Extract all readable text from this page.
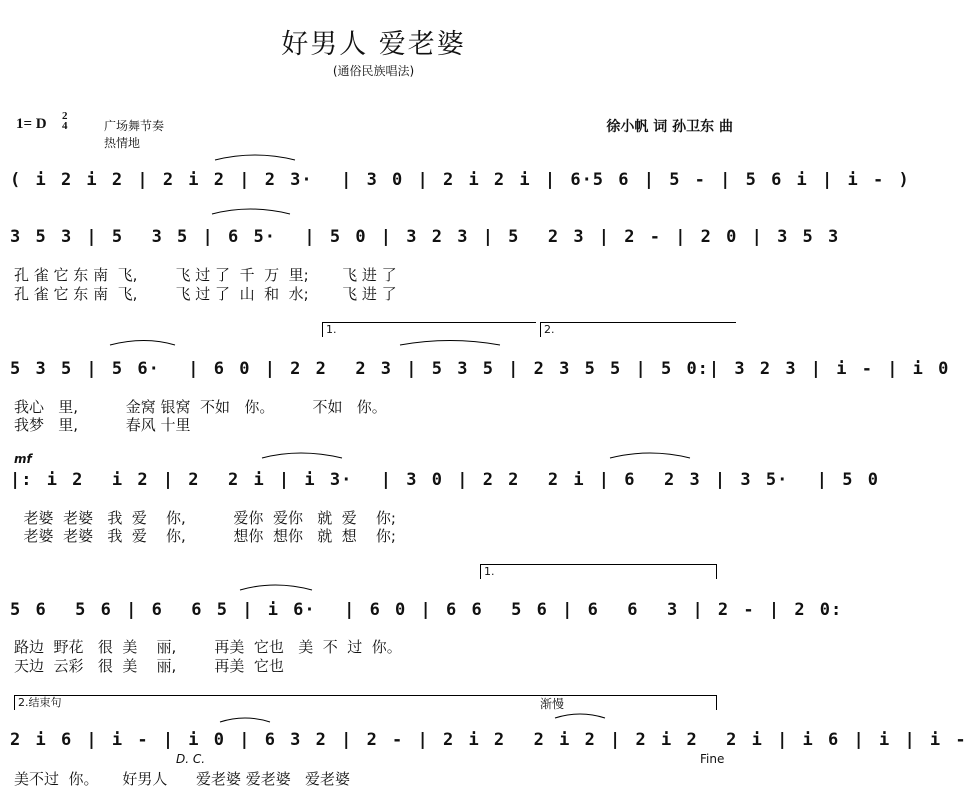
好男人 爱老婆
(通俗民族唱法)
1= D 2
4	广场舞节奏
热情地
徐小帆 词 孙卫东 曲
( i 2 i 2 | 2 i 2 | 2 3·  | 3 0 | 2 i 2 i | 6·5 6 | 5 - | 5 6 i | i - )
3 5 3 | 5  3 5 | 6 5·  | 5 0 | 3 2 3 | 5  2 3 | 2 - | 2 0 | 3 5 3
孔 雀 它 东 南  飞,        飞 过 了  千  万  里;       飞 进 了
孔 雀 它 东 南  飞,        飞 过 了  山  和  水;       飞 进 了
1.	2.
5 3 5 | 5 6·  | 6 0 | 2 2  2 3 | 5 3 5 | 2 3 5 5 | 5 0:| 3 2 3 | i - | i 0
我心   里,          金窝 银窝  不如   你。        不如   你。
我梦   里,          春风 十里
mf
|: i 2  i 2 | 2  2 i | i 3·  | 3 0 | 2 2  2 i | 6  2 3 | 3 5·  | 5 0
老婆  老婆   我  爱    你,          爱你  爱你   就  爱    你;
老婆  老婆   我  爱    你,          想你  想你   就  想    你;
1.
5 6  5 6 | 6  6 5 | i 6·  | 6 0 | 6 6  5 6 | 6  6  3 | 2 - | 2 0:
路边  野花   很  美    丽,        再美  它也   美  不  过  你。
天边  云彩   很  美    丽,        再美  它也
2.结束句	渐慢
2 i 6 | i - | i 0 | 6 3 2 | 2 - | 2 i 2  2 i 2 | 2 i 2  2 i | i 6 | i | i -
D. C.	Fine
美不过  你。     好男人      爱老婆 爱老婆   爱老婆
